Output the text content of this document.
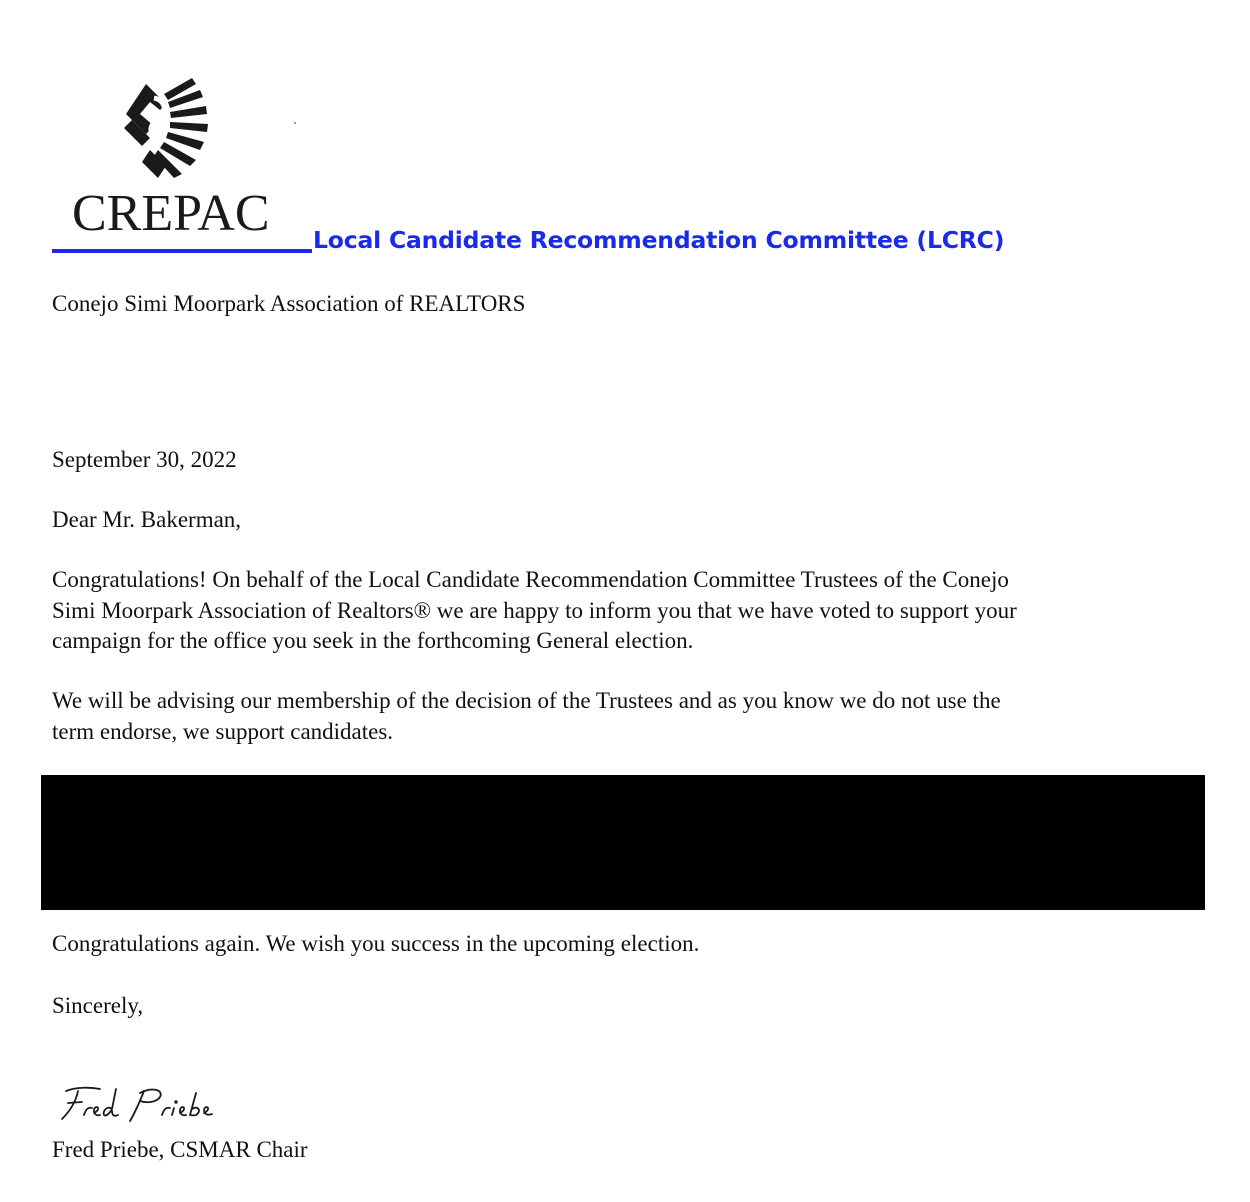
CREPAC Local Candidate Recommendation Committee (LCRC)
Conejo Simi Moorpark Association of REALTORS
September 30, 2022
Dear Mr. Bakerman,
Congratulations! On behalf of the Local Candidate Recommendation Committee Trustees of the Conejo
Simi Moorpark Association of Realtors® we are happy to inform you that we have voted to support your
campaign for the office you seek in the forthcoming General election.
We will be advising our membership of the decision of the Trustees and as you know we do not use the
term endorse, we support candidates.
Congratulations again. We wish you success in the upcoming election.
Sincerely,
Fred Priebe, CSMAR Chair
